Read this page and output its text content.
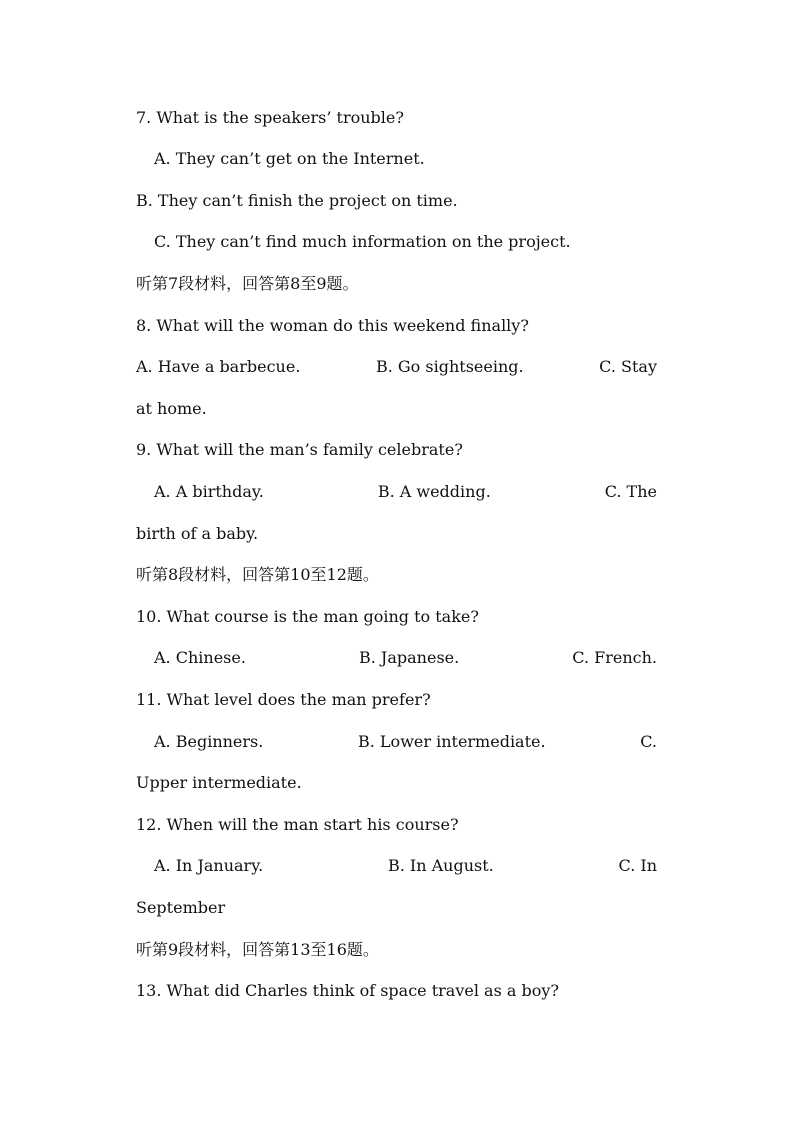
7. What is the speakers’ trouble?
A. They can’t get on the Internet.
B. They can’t finish the project on time.
C. They can’t find much information on the project.
听第7段材料，回答第8至9题。
8. What will the woman do this weekend finally?
A. Have a barbecue.	B. Go sightseeing.	C. Stay
at home.
9. What will the man’s family celebrate?
A. A birthday.	B. A wedding.	C. The
birth of a baby.
听第8段材料，回答第10至12题。
10. What course is the man going to take?
A. Chinese.	B. Japanese.	C. French.
11. What level does the man prefer?
A. Beginners.	B. Lower intermediate.	C.
Upper intermediate.
12. When will the man start his course?
A. In January.	B. In August.	C. In
September
听第9段材料，回答第13至16题。
13. What did Charles think of space travel as a boy?
